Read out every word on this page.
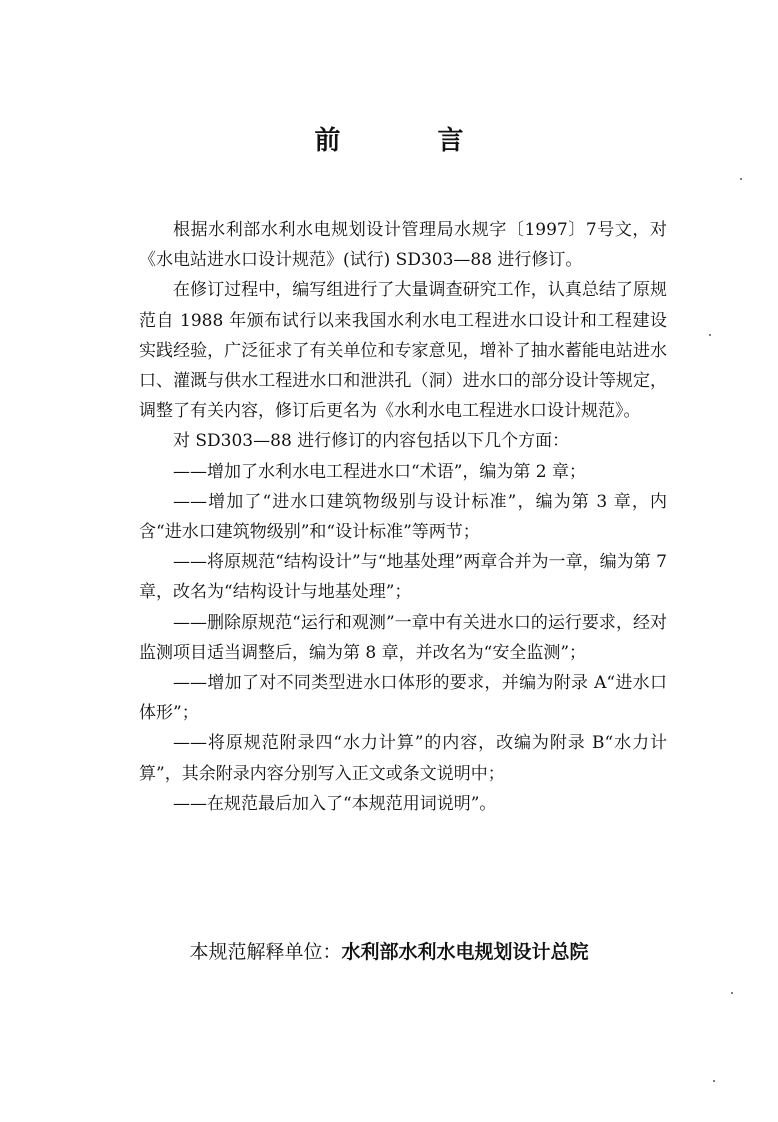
前 言

根据水利部水利水电规划设计管理局水规字〔1997〕7号文，对《水电站进水口设计规范》(试行) SD303—88 进行修订。

在修订过程中，编写组进行了大量调查研究工作，认真总结了原规范自 1988 年颁布试行以来我国水利水电工程进水口设计和工程建设实践经验，广泛征求了有关单位和专家意见，增补了抽水蓄能电站进水口、灌溉与供水工程进水口和泄洪孔（洞）进水口的部分设计等规定，调整了有关内容，修订后更名为《水利水电工程进水口设计规范》。

对 SD303—88 进行修订的内容包括以下几个方面：

——增加了水利水电工程进水口“术语”，编为第 2 章；

——增加了“进水口建筑物级别与设计标准”，编为第 3 章，内含“进水口建筑物级别”和“设计标准”等两节；

——将原规范“结构设计”与“地基处理”两章合并为一章，编为第 7 章，改名为“结构设计与地基处理”；

——删除原规范“运行和观测”一章中有关进水口的运行要求，经对监测项目适当调整后，编为第 8 章，并改名为“安全监测”；

——增加了对不同类型进水口体形的要求，并编为附录 A“进水口体形”；

——将原规范附录四“水力计算”的内容，改编为附录 B“水力计算”，其余附录内容分别写入正文或条文说明中；

——在规范最后加入了“本规范用词说明”。

本规范解释单位：水利部水利水电规划设计总院
